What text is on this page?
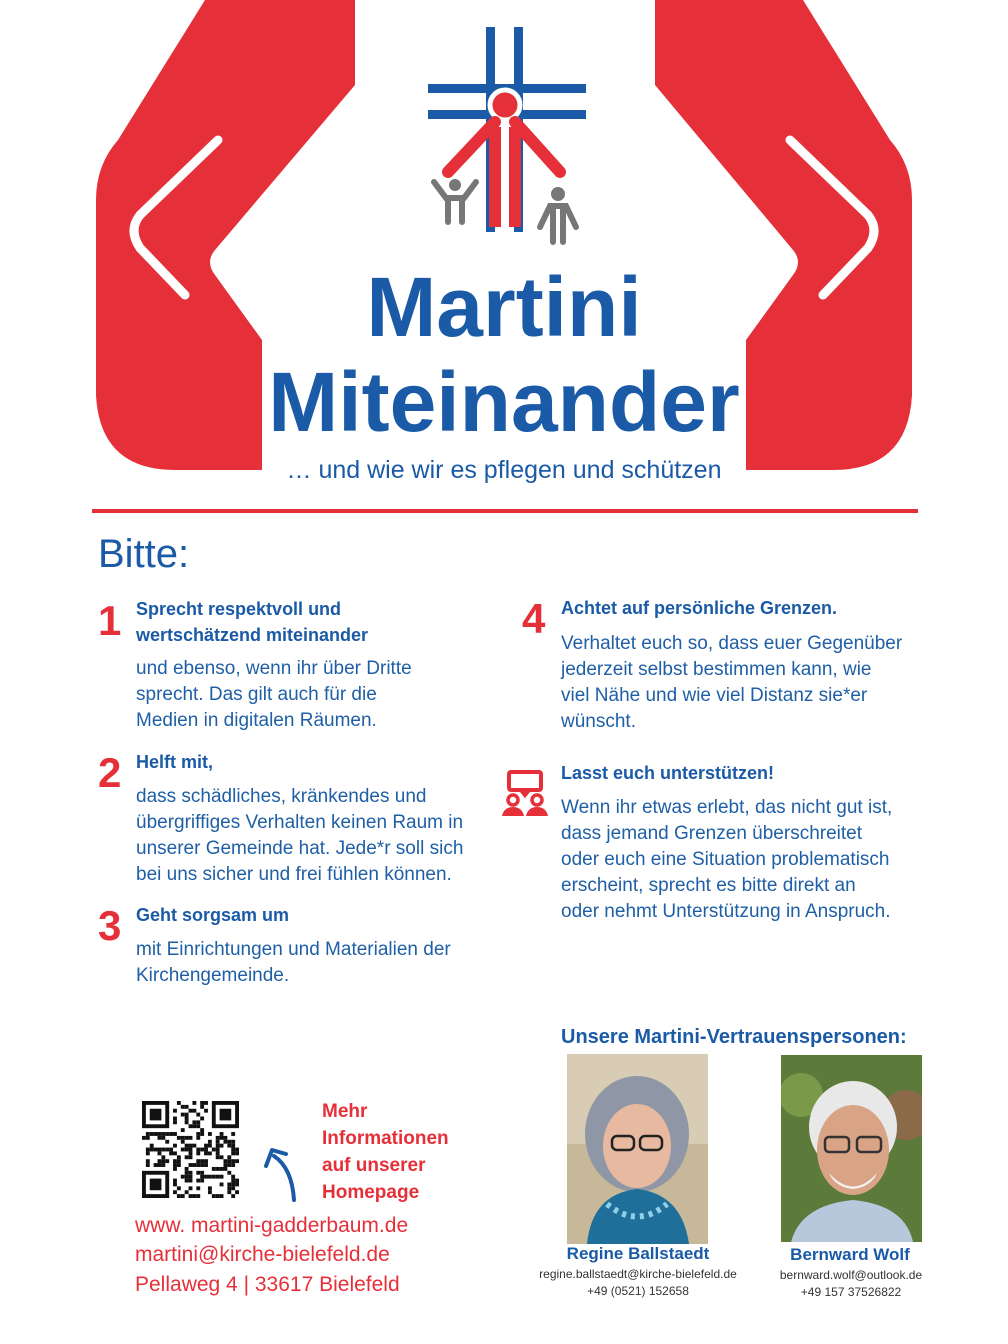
Martini
Miteinander
… und wie wir es pflegen und schützen
Bitte:
1 Sprecht respektvoll und
wertschätzend miteinander
und ebenso, wenn ihr über Dritte
sprecht. Das gilt auch für die
Medien in digitalen Räumen.
2 Helft mit,
dass schädliches, kränkendes und
übergriffiges Verhalten keinen Raum in
unserer Gemeinde hat. Jede*r soll sich
bei uns sicher und frei fühlen können.
3 Geht sorgsam um
mit Einrichtungen und Materialien der
Kirchengemeinde.
4 Achtet auf persönliche Grenzen.
Verhaltet euch so, dass euer Gegenüber
jederzeit selbst bestimmen kann, wie
viel Nähe und wie viel Distanz sie*er
wünscht.
Lasst euch unterstützen!
Wenn ihr etwas erlebt, das nicht gut ist,
dass jemand Grenzen überschreitet
oder euch eine Situation problematisch
erscheint, sprecht es bitte direkt an
oder nehmt Unterstützung in Anspruch.
Unsere Martini-Vertrauenspersonen:
Regine Ballstaedt
regine.ballstaedt@kirche-bielefeld.de
+49 (0521) 152658
Bernward Wolf
bernward.wolf@outlook.de
+49 157 37526822
Mehr
Informationen
auf unserer
Homepage
www. martini-gadderbaum.de
martini@kirche-bielefeld.de
Pellaweg 4 | 33617 Bielefeld
